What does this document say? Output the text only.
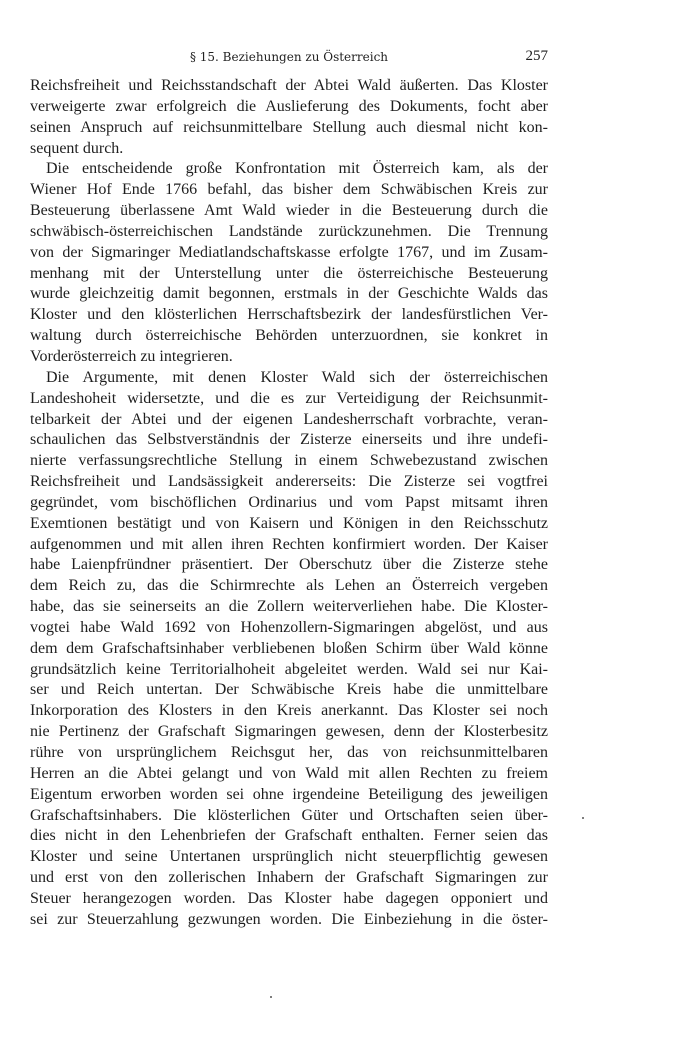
§ 15. Beziehungen zu Österreich	257
Reichsfreiheit und Reichsstandschaft der Abtei Wald äußerten. Das Kloster
verweigerte zwar erfolgreich die Auslieferung des Dokuments, focht aber
seinen Anspruch auf reichsunmittelbare Stellung auch diesmal nicht kon-
sequent durch.
Die entscheidende große Konfrontation mit Österreich kam, als der
Wiener Hof Ende 1766 befahl, das bisher dem Schwäbischen Kreis zur
Besteuerung überlassene Amt Wald wieder in die Besteuerung durch die
schwäbisch-österreichischen Landstände zurückzunehmen. Die Trennung
von der Sigmaringer Mediatlandschaftskasse erfolgte 1767, und im Zusam-
menhang mit der Unterstellung unter die österreichische Besteuerung
wurde gleichzeitig damit begonnen, erstmals in der Geschichte Walds das
Kloster und den klösterlichen Herrschaftsbezirk der landesfürstlichen Ver-
waltung durch österreichische Behörden unterzuordnen, sie konkret in
Vorderösterreich zu integrieren.
Die Argumente, mit denen Kloster Wald sich der österreichischen
Landeshoheit widersetzte, und die es zur Verteidigung der Reichsunmit-
telbarkeit der Abtei und der eigenen Landesherrschaft vorbrachte, veran-
schaulichen das Selbstverständnis der Zisterze einerseits und ihre undefi-
nierte verfassungsrechtliche Stellung in einem Schwebezustand zwischen
Reichsfreiheit und Landsässigkeit andererseits: Die Zisterze sei vogtfrei
gegründet, vom bischöflichen Ordinarius und vom Papst mitsamt ihren
Exemtionen bestätigt und von Kaisern und Königen in den Reichsschutz
aufgenommen und mit allen ihren Rechten konfirmiert worden. Der Kaiser
habe Laienpfründner präsentiert. Der Oberschutz über die Zisterze stehe
dem Reich zu, das die Schirmrechte als Lehen an Österreich vergeben
habe, das sie seinerseits an die Zollern weiterverliehen habe. Die Kloster-
vogtei habe Wald 1692 von Hohenzollern-Sigmaringen abgelöst, und aus
dem dem Grafschaftsinhaber verbliebenen bloßen Schirm über Wald könne
grundsätzlich keine Territorialhoheit abgeleitet werden. Wald sei nur Kai-
ser und Reich untertan. Der Schwäbische Kreis habe die unmittelbare
Inkorporation des Klosters in den Kreis anerkannt. Das Kloster sei noch
nie Pertinenz der Grafschaft Sigmaringen gewesen, denn der Klosterbesitz
rühre von ursprünglichem Reichsgut her, das von reichsunmittelbaren
Herren an die Abtei gelangt und von Wald mit allen Rechten zu freiem
Eigentum erworben worden sei ohne irgendeine Beteiligung des jeweiligen
Grafschaftsinhabers. Die klösterlichen Güter und Ortschaften seien über-
dies nicht in den Lehenbriefen der Grafschaft enthalten. Ferner seien das
Kloster und seine Untertanen ursprünglich nicht steuerpflichtig gewesen
und erst von den zollerischen Inhabern der Grafschaft Sigmaringen zur
Steuer herangezogen worden. Das Kloster habe dagegen opponiert und
sei zur Steuerzahlung gezwungen worden. Die Einbeziehung in die öster-
